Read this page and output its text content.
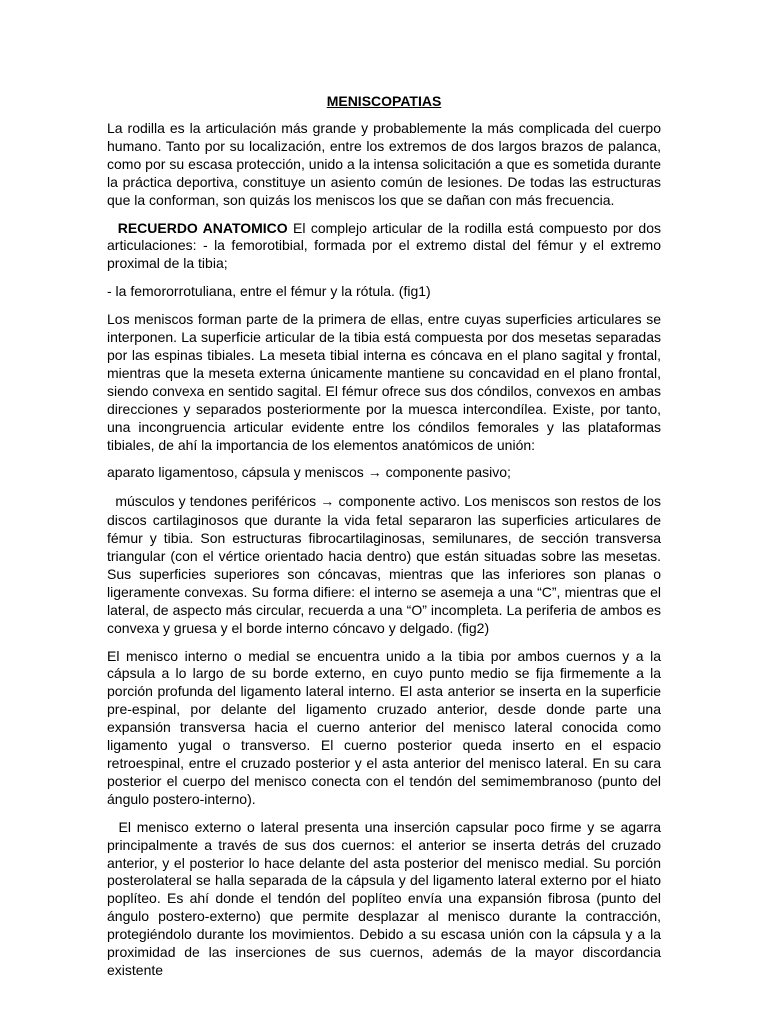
MENISCOPATIAS

La rodilla es la articulación más grande y probablemente la más complicada del cuerpo humano. Tanto por su localización, entre los extremos de dos largos brazos de palanca, como por su escasa protección, unido a la intensa solicitación a que es sometida durante la práctica deportiva, constituye un asiento común de lesiones. De todas las estructuras que la conforman, son quizás los meniscos los que se dañan con más frecuencia.

RECUERDO ANATOMICO El complejo articular de la rodilla está compuesto por dos articulaciones: - la femorotibial, formada por el extremo distal del fémur y el extremo proximal de la tibia;

- la femororrotuliana, entre el fémur y la rótula. (fig1)

Los meniscos forman parte de la primera de ellas, entre cuyas superficies articulares se interponen. La superficie articular de la tibia está compuesta por dos mesetas separadas por las espinas tibiales. La meseta tibial interna es cóncava en el plano sagital y frontal, mientras que la meseta externa únicamente mantiene su concavidad en el plano frontal, siendo convexa en sentido sagital. El fémur ofrece sus dos cóndilos, convexos en ambas direcciones y separados posteriormente por la muesca intercondílea. Existe, por tanto, una incongruencia articular evidente entre los cóndilos femorales y las plataformas tibiales, de ahí la importancia de los elementos anatómicos de unión:

aparato ligamentoso, cápsula y meniscos → componente pasivo;

músculos y tendones periféricos → componente activo. Los meniscos son restos de los discos cartilaginosos que durante la vida fetal separaron las superficies articulares de fémur y tibia. Son estructuras fibrocartilaginosas, semilunares, de sección transversa triangular (con el vértice orientado hacia dentro) que están situadas sobre las mesetas. Sus superficies superiores son cóncavas, mientras que las inferiores son planas o ligeramente convexas. Su forma difiere: el interno se asemeja a una “C”, mientras que el lateral, de aspecto más circular, recuerda a una “O” incompleta. La periferia de ambos es convexa y gruesa y el borde interno cóncavo y delgado. (fig2)

El menisco interno o medial se encuentra unido a la tibia por ambos cuernos y a la cápsula a lo largo de su borde externo, en cuyo punto medio se fija firmemente a la porción profunda del ligamento lateral interno. El asta anterior se inserta en la superficie pre-espinal, por delante del ligamento cruzado anterior, desde donde parte una expansión transversa hacia el cuerno anterior del menisco lateral conocida como ligamento yugal o transverso. El cuerno posterior queda inserto en el espacio retroespinal, entre el cruzado posterior y el asta anterior del menisco lateral. En su cara posterior el cuerpo del menisco conecta con el tendón del semimembranoso (punto del ángulo postero-interno).

El menisco externo o lateral presenta una inserción capsular poco firme y se agarra principalmente a través de sus dos cuernos: el anterior se inserta detrás del cruzado anterior, y el posterior lo hace delante del asta posterior del menisco medial. Su porción posterolateral se halla separada de la cápsula y del ligamento lateral externo por el hiato poplíteo. Es ahí donde el tendón del poplíteo envía una expansión fibrosa (punto del ángulo postero-externo) que permite desplazar al menisco durante la contracción, protegiéndolo durante los movimientos. Debido a su escasa unión con la cápsula y a la proximidad de las inserciones de sus cuernos, además de la mayor discordancia existente
